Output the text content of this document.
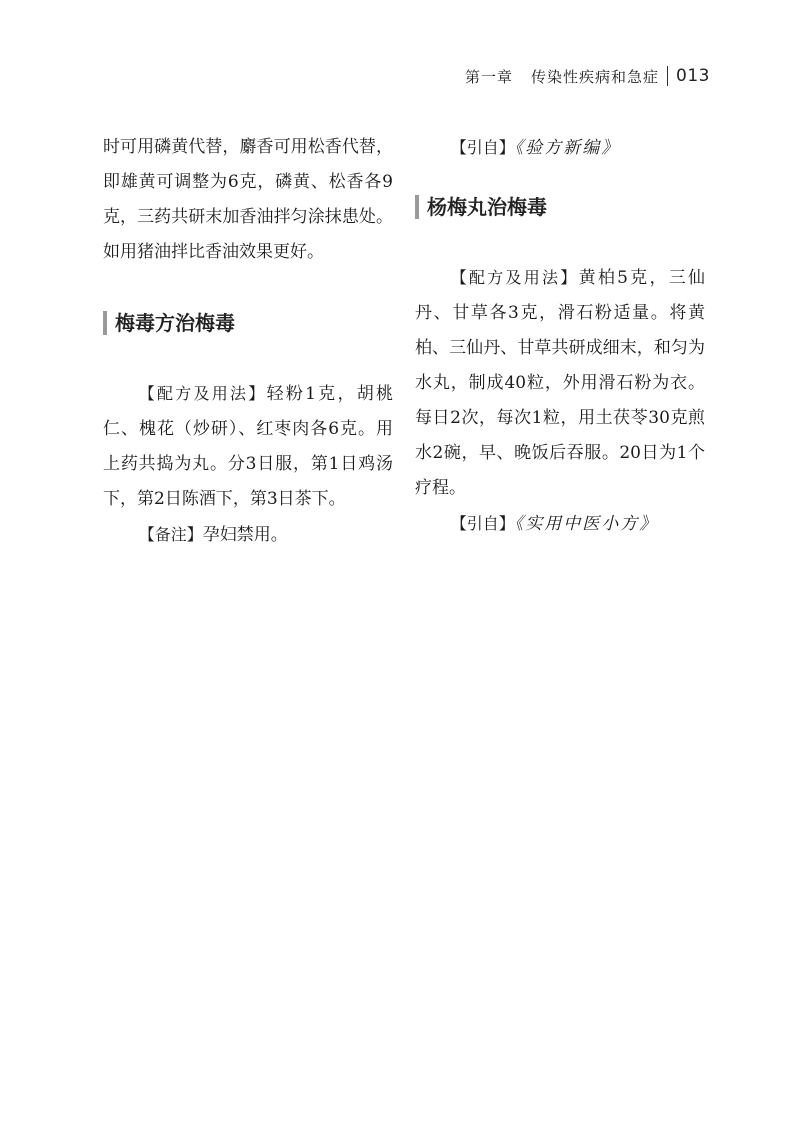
第一章 传染性疾病和急症 013

时可用磷黄代替，麝香可用松香代替，即雄黄可调整为6克，磷黄、松香各9克，三药共研末加香油拌匀涂抹患处。如用猪油拌比香油效果更好。

梅毒方治梅毒

【配方及用法】轻粉1克，胡桃仁、槐花（炒研）、红枣肉各6克。用上药共捣为丸。分3日服，第1日鸡汤下，第2日陈酒下，第3日茶下。

【备注】孕妇禁用。

【引自】《验方新编》

杨梅丸治梅毒

【配方及用法】黄柏5克，三仙丹、甘草各3克，滑石粉适量。将黄柏、三仙丹、甘草共研成细末，和匀为水丸，制成40粒，外用滑石粉为衣。每日2次，每次1粒，用土茯苓30克煎水2碗，早、晚饭后吞服。20日为1个疗程。

【引自】《实用中医小方》
